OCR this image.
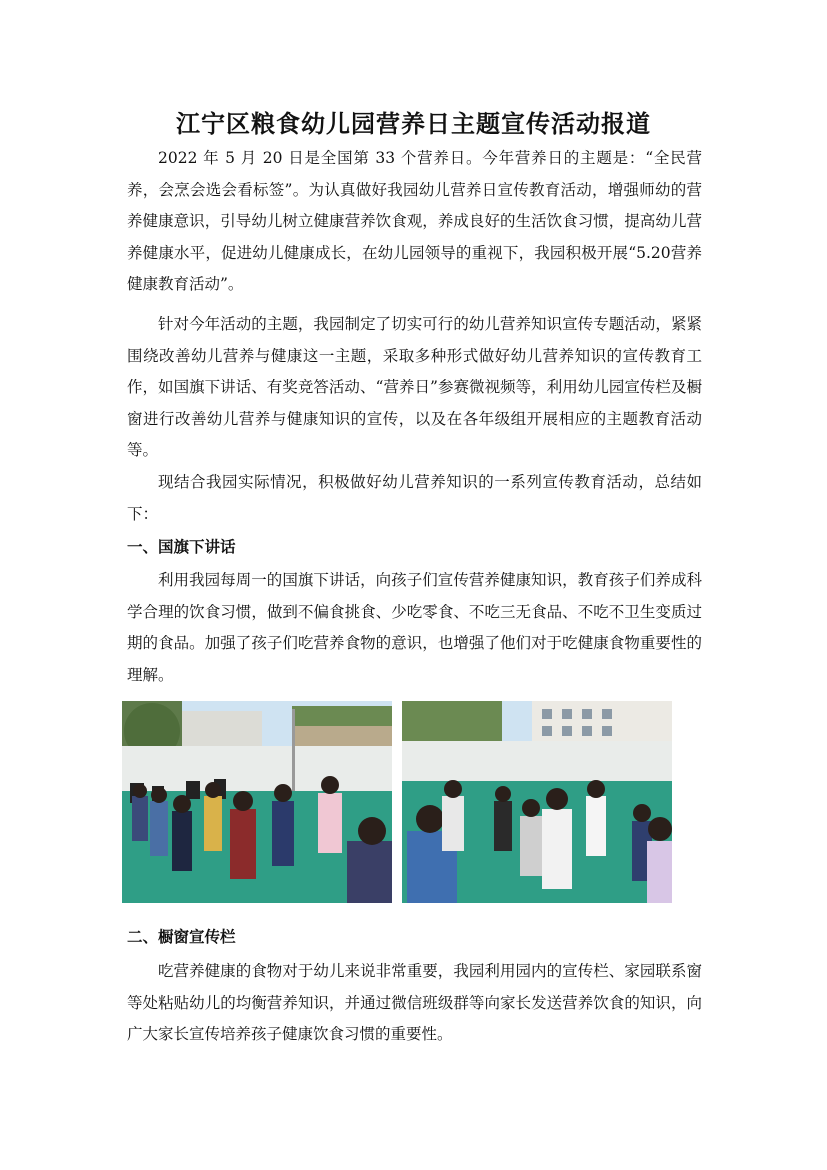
江宁区粮食幼儿园营养日主题宣传活动报道

2022 年 5 月 20 日是全国第 33 个营养日。今年营养日的主题是：“全民营养，会烹会选会看标签”。为认真做好我园幼儿营养日宣传教育活动，增强师幼的营养健康意识，引导幼儿树立健康营养饮食观，养成良好的生活饮食习惯，提高幼儿营养健康水平，促进幼儿健康成长，在幼儿园领导的重视下，我园积极开展“5.20营养健康教育活动”。

针对今年活动的主题，我园制定了切实可行的幼儿营养知识宣传专题活动，紧紧围绕改善幼儿营养与健康这一主题，采取多种形式做好幼儿营养知识的宣传教育工作，如国旗下讲话、有奖竞答活动、“营养日”参赛微视频等，利用幼儿园宣传栏及橱窗进行改善幼儿营养与健康知识的宣传，以及在各年级组开展相应的主题教育活动等。

现结合我园实际情况，积极做好幼儿营养知识的一系列宣传教育活动，总结如下：

一、国旗下讲话

利用我园每周一的国旗下讲话，向孩子们宣传营养健康知识，教育孩子们养成科学合理的饮食习惯，做到不偏食挑食、少吃零食、不吃三无食品、不吃不卫生变质过期的食品。加强了孩子们吃营养食物的意识，也增强了他们对于吃健康食物重要性的理解。

二、橱窗宣传栏

吃营养健康的食物对于幼儿来说非常重要，我园利用园内的宣传栏、家园联系窗等处粘贴幼儿的均衡营养知识，并通过微信班级群等向家长发送营养饮食的知识，向广大家长宣传培养孩子健康饮食习惯的重要性。
